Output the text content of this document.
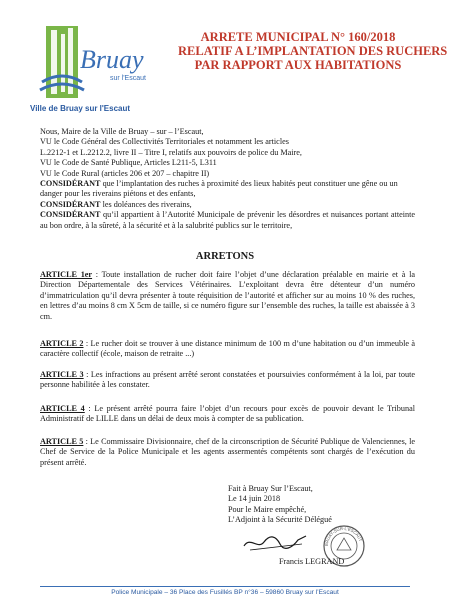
Bruay
sur l'Escaut
Ville de Bruay sur l'Escaut
ARRETE MUNICIPAL N° 160/2018
RELATIF A L’IMPLANTATION DES RUCHERS
PAR RAPPORT AUX HABITATIONS

Nous, Maire de la Ville de Bruay – sur – l’Escaut,

VU le Code Général des Collectivités Territoriales et notamment les articles

L.2212-1 et L.2212.2, livre II – Titre I, relatifs aux pouvoirs de police du Maire,

VU le Code de Santé Publique, Articles L211-5, L311

VU le Code Rural (articles 206 et 207 – chapitre II)

CONSIDÉRANT que l’implantation des ruches à proximité des lieux habités peut constituer une gêne ou un danger pour les riverains piétons et des enfants,

CONSIDÉRANT les doléances des riverains,

CONSIDÉRANT qu’il appartient à l’Autorité Municipale de prévenir les désordres et nuisances portant atteinte au bon ordre, à la sûreté, à la sécurité et à la salubrité publics sur le territoire,

ARRETONS
ARTICLE 1er : Toute installation de rucher doit faire l’objet d’une déclaration préalable en mairie et à la Direction Départementale des Services Vétérinaires. L’exploitant devra être détenteur d’un numéro d’immatriculation qu’il devra présenter à toute réquisition de l’autorité et afficher sur au moins 10 % des ruches, en lettres d’au moins 8 cm X 5cm de taille, si ce numéro figure sur l’ensemble des ruches, la taille est abaissée à 3 cm.
ARTICLE 2 : Le rucher doit se trouver à une distance minimum de 100 m d’une habitation ou d’un immeuble à caractère collectif (école, maison de retraite ...)
ARTICLE 3 : Les infractions au présent arrêté seront constatées et poursuivies conformément à la loi, par toute personne habilitée à les constater.
ARTICLE 4 : Le présent arrêté pourra faire l’objet d’un recours pour excès de pouvoir devant le Tribunal Administratif de LILLE dans un délai de deux mois à compter de sa publication.
ARTICLE 5 : Le Commissaire Divisionnaire, chef de la circonscription de Sécurité Publique de Valenciennes, le Chef de Service de la Police Municipale et les agents assermentés compétents sont chargés de l’exécution du présent arrêté.
Fait à Bruay Sur l’Escaut,
Le 14 juin 2018
Pour le Maire empêché,
L’Adjoint à la Sécurité Délégué
BRUAY-SUR-L'ESCAUT
Francis LEGRAND
Police Municipale – 36 Place des Fusillés BP n°36 – 59860 Bruay sur l’Escaut
